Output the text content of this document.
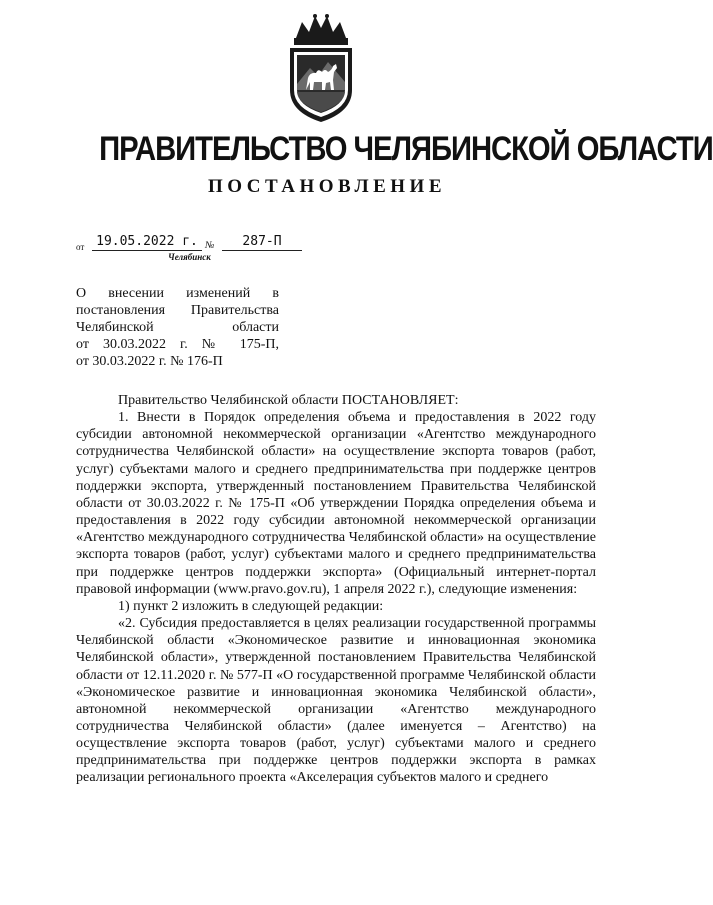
ПРАВИТЕЛЬСТВО ЧЕЛЯБИНСКОЙ ОБЛАСТИ
ПОСТАНОВЛЕНИЕ
от 19.05.2022 г. №	287-П
Челябинск
О внесении изменений в
постановления Правительства
Челябинской области
от 30.03.2022 г. № 175-П,
от 30.03.2022 г. № 176-П

Правительство Челябинской области ПОСТАНОВЛЯЕТ:

1. Внести в Порядок определения объема и предоставления в 2022 году субсидии автономной некоммерческой организации «Агентство международного сотрудничества Челябинской области» на осуществление экспорта товаров (работ, услуг) субъектами малого и среднего предпринимательства при поддержке центров поддержки экспорта, утвержденный постановлением Правительства Челябинской области от 30.03.2022 г. № 175-П «Об утверждении Порядка определения объема и предоставления в 2022 году субсидии автономной некоммерческой организации «Агентство международного сотрудничества Челябинской области» на осуществление экспорта товаров (работ, услуг) субъектами малого и среднего предпринимательства при поддержке центров поддержки экспорта» (Официальный интернет-портал правовой информации (www.pravo.gov.ru), 1 апреля 2022 г.), следующие изменения:

1) пункт 2 изложить в следующей редакции:

«2. Субсидия предоставляется в целях реализации государственной программы Челябинской области «Экономическое развитие и инновационная экономика Челябинской области», утвержденной постановлением Правительства Челябинской области от 12.11.2020 г. № 577-П «О государственной программе Челябинской области «Экономическое развитие и инновационная экономика Челябинской области», автономной некоммерческой организации «Агентство международного сотрудничества Челябинской области» (далее именуется – Агентство) на осуществление экспорта товаров (работ, услуг) субъектами малого и среднего предпринимательства при поддержке центров поддержки экспорта в рамках реализации регионального проекта «Акселерация субъектов малого и среднего
